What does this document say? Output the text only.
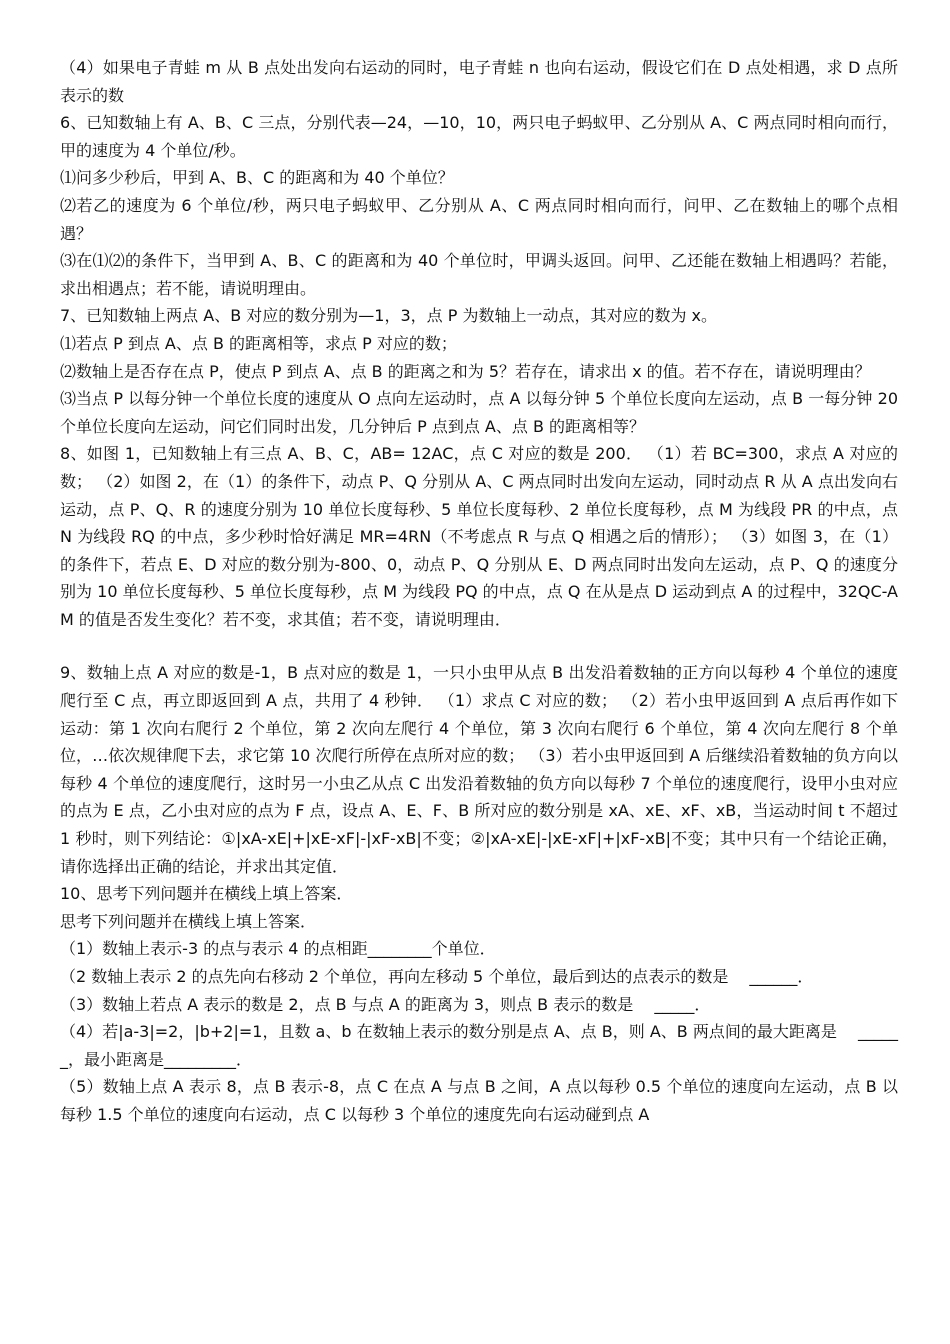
（4）如果电子青蛙 m 从 B 点处出发向右运动的同时，电子青蛙 n 也向右运动，假设它们在 D 点处相遇，求 D 点所表示的数

6、已知数轴上有 A、B、C 三点，分别代表—24，—10，10，两只电子蚂蚁甲、乙分别从 A、C 两点同时相向而行，甲的速度为 4 个单位/秒。

⑴问多少秒后，甲到 A、B、C 的距离和为 40 个单位？

⑵若乙的速度为 6 个单位/秒，两只电子蚂蚁甲、乙分别从 A、C 两点同时相向而行，问甲、乙在数轴上的哪个点相遇？

⑶在⑴⑵的条件下，当甲到 A、B、C 的距离和为 40 个单位时，甲调头返回。问甲、乙还能在数轴上相遇吗？若能，求出相遇点；若不能，请说明理由。

7、已知数轴上两点 A、B 对应的数分别为—1，3，点 P 为数轴上一动点，其对应的数为 x。

⑴若点 P 到点 A、点 B 的距离相等，求点 P 对应的数；

⑵数轴上是否存在点 P，使点 P 到点 A、点 B 的距离之和为 5？若存在，请求出 x 的值。若不存在，请说明理由？

⑶当点 P 以每分钟一个单位长度的速度从 O 点向左运动时，点 A 以每分钟 5 个单位长度向左运动，点 B 一每分钟 20 个单位长度向左运动，问它们同时出发，几分钟后 P 点到点 A、点 B 的距离相等？

8、如图 1，已知数轴上有三点 A、B、C，AB= 12AC，点 C 对应的数是 200． （1）若 BC=300，求点 A 对应的数； （2）如图 2，在（1）的条件下，动点 P、Q 分别从 A、C 两点同时出发向左运动，同时动点 R 从 A 点出发向右运动，点 P、Q、R 的速度分别为 10 单位长度每秒、5 单位长度每秒、2 单位长度每秒，点 M 为线段 PR 的中点，点 N 为线段 RQ 的中点，多少秒时恰好满足 MR=4RN（不考虑点 R 与点 Q 相遇之后的情形）； （3）如图 3，在（1）的条件下，若点 E、D 对应的数分别为-800、0，动点 P、Q 分别从 E、D 两点同时出发向左运动，点 P、Q 的速度分别为 10 单位长度每秒、5 单位长度每秒，点 M 为线段 PQ 的中点，点 Q 在从是点 D 运动到点 A 的过程中，32QC-AM 的值是否发生变化？若不变，求其值；若不变，请说明理由．

9、数轴上点 A 对应的数是-1，B 点对应的数是 1，一只小虫甲从点 B 出发沿着数轴的正方向以每秒 4 个单位的速度爬行至 C 点，再立即返回到 A 点，共用了 4 秒钟． （1）求点 C 对应的数； （2）若小虫甲返回到 A 点后再作如下运动：第 1 次向右爬行 2 个单位，第 2 次向左爬行 4 个单位，第 3 次向右爬行 6 个单位，第 4 次向左爬行 8 个单位，…依次规律爬下去，求它第 10 次爬行所停在点所对应的数； （3）若小虫甲返回到 A 后继续沿着数轴的负方向以每秒 4 个单位的速度爬行，这时另一小虫乙从点 C 出发沿着数轴的负方向以每秒 7 个单位的速度爬行，设甲小虫对应的点为 E 点，乙小虫对应的点为 F 点，设点 A、E、F、B 所对应的数分别是 xA、xE、xF、xB，当运动时间 t 不超过 1 秒时，则下列结论：①|xA-xE|+|xE-xF|-|xF-xB|不变；②|xA-xE|-|xE-xF|+|xF-xB|不变；其中只有一个结论正确，请你选择出正确的结论，并求出其定值．

10、思考下列问题并在横线上填上答案．

思考下列问题并在横线上填上答案．

（1）数轴上表示-3 的点与表示 4 的点相距________个单位．

（2 数轴上表示 2 的点先向右移动 2 个单位，再向左移动 5 个单位，最后到达的点表示的数是　 ______．

（3）数轴上若点 A 表示的数是 2，点 B 与点 A 的距离为 3，则点 B 表示的数是　 _____．

（4）若|a-3|=2，|b+2|=1，且数 a、b 在数轴上表示的数分别是点 A、点 B，则 A、B 两点间的最大距离是　 ______，最小距离是_________．

（5）数轴上点 A 表示 8，点 B 表示-8，点 C 在点 A 与点 B 之间，A 点以每秒 0.5 个单位的速度向左运动，点 B 以每秒 1.5 个单位的速度向右运动，点 C 以每秒 3 个单位的速度先向右运动碰到点 A
